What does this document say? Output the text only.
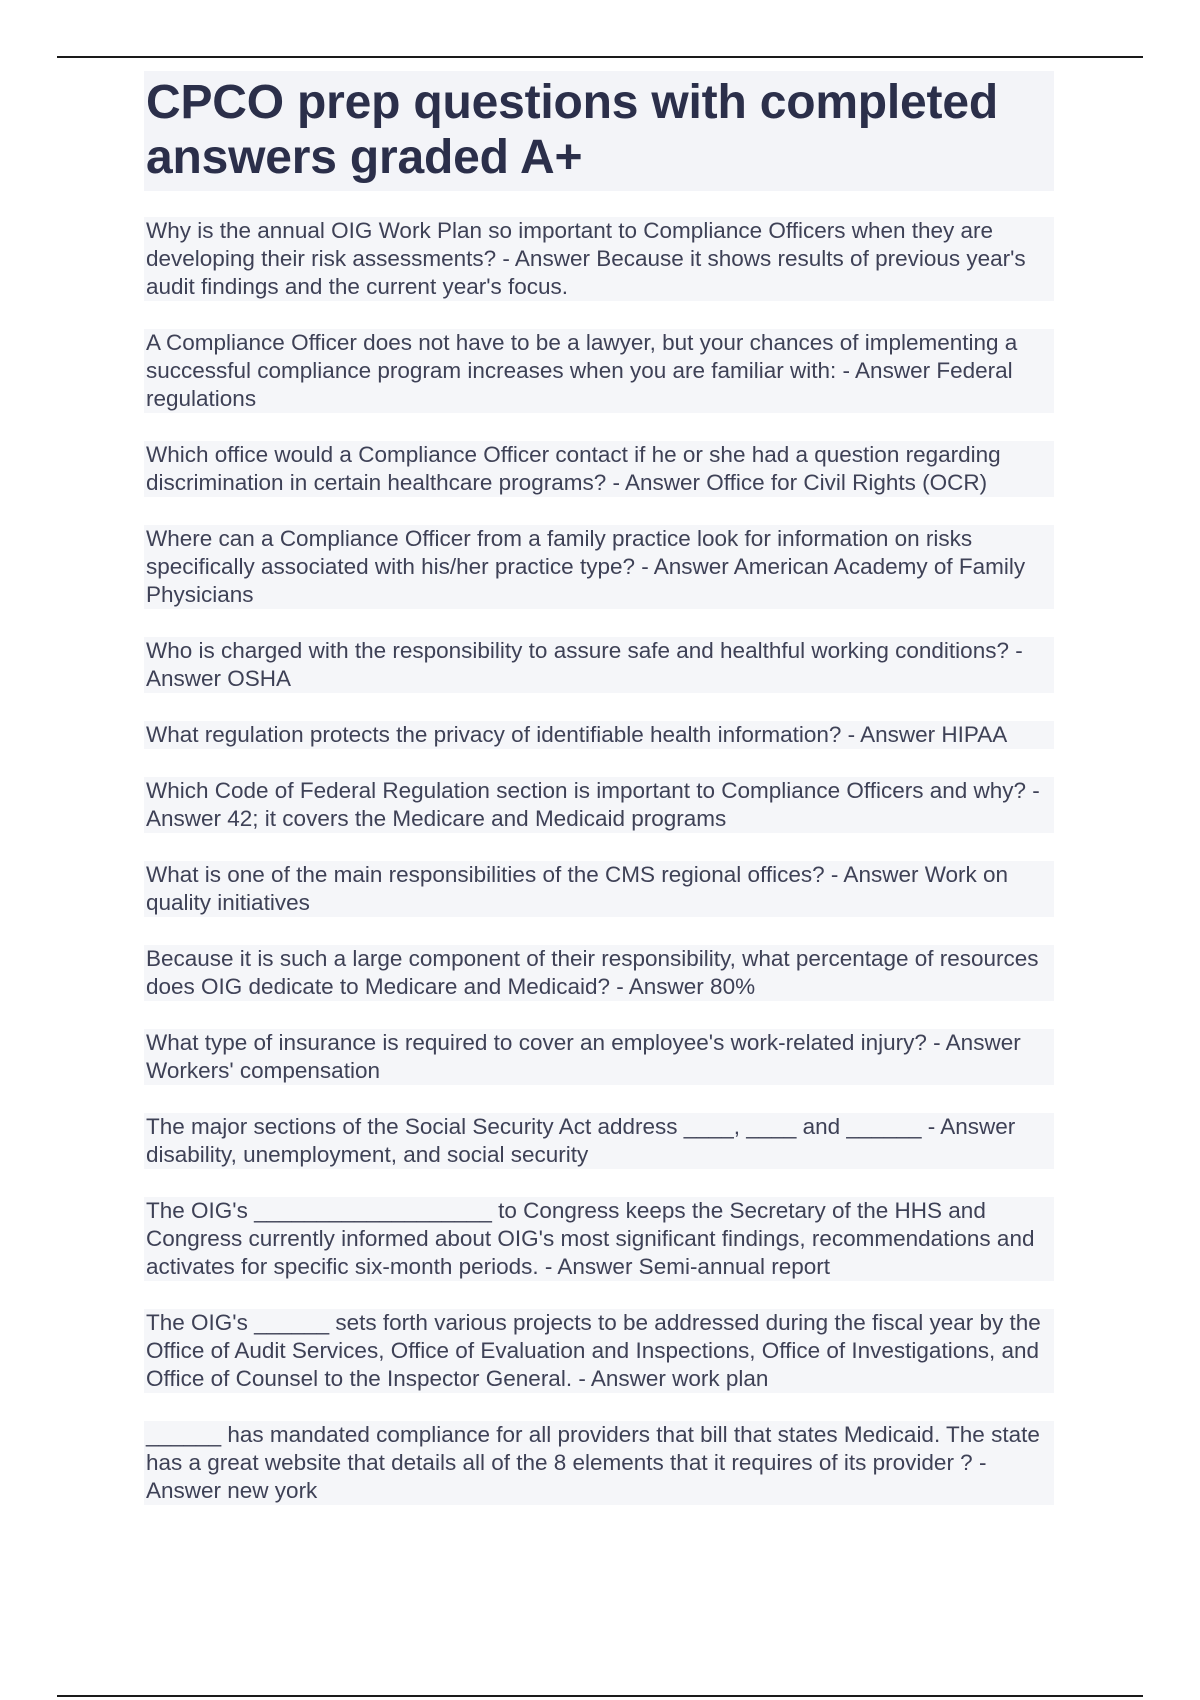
CPCO prep questions with completed answers graded A+

Why is the annual OIG Work Plan so important to Compliance Officers when they are developing their risk assessments? - Answer Because it shows results of previous year's audit findings and the current year's focus.

A Compliance Officer does not have to be a lawyer, but your chances of implementing a successful compliance program increases when you are familiar with: - Answer Federal regulations

Which office would a Compliance Officer contact if he or she had a question regarding discrimination in certain healthcare programs? - Answer Office for Civil Rights (OCR)

Where can a Compliance Officer from a family practice look for information on risks specifically associated with his/her practice type? - Answer American Academy of Family Physicians

Who is charged with the responsibility to assure safe and healthful working conditions? - Answer OSHA

What regulation protects the privacy of identifiable health information? - Answer HIPAA

Which Code of Federal Regulation section is important to Compliance Officers and why? - Answer 42; it covers the Medicare and Medicaid programs

What is one of the main responsibilities of the CMS regional offices? - Answer Work on quality initiatives

Because it is such a large component of their responsibility, what percentage of resources does OIG dedicate to Medicare and Medicaid? - Answer 80%

What type of insurance is required to cover an employee's work-related injury? - Answer Workers' compensation

The major sections of the Social Security Act address ____, ____ and ______ - Answer disability, unemployment, and social security

The OIG's ___________________ to Congress keeps the Secretary of the HHS and Congress currently informed about OIG's most significant findings, recommendations and activates for specific six-month periods. - Answer Semi-annual report

The OIG's ______ sets forth various projects to be addressed during the fiscal year by the Office of Audit Services, Office of Evaluation and Inspections, Office of Investigations, and Office of Counsel to the Inspector General. - Answer work plan

______ has mandated compliance for all providers that bill that states Medicaid. The state has a great website that details all of the 8 elements that it requires of its provider ? - Answer new york
